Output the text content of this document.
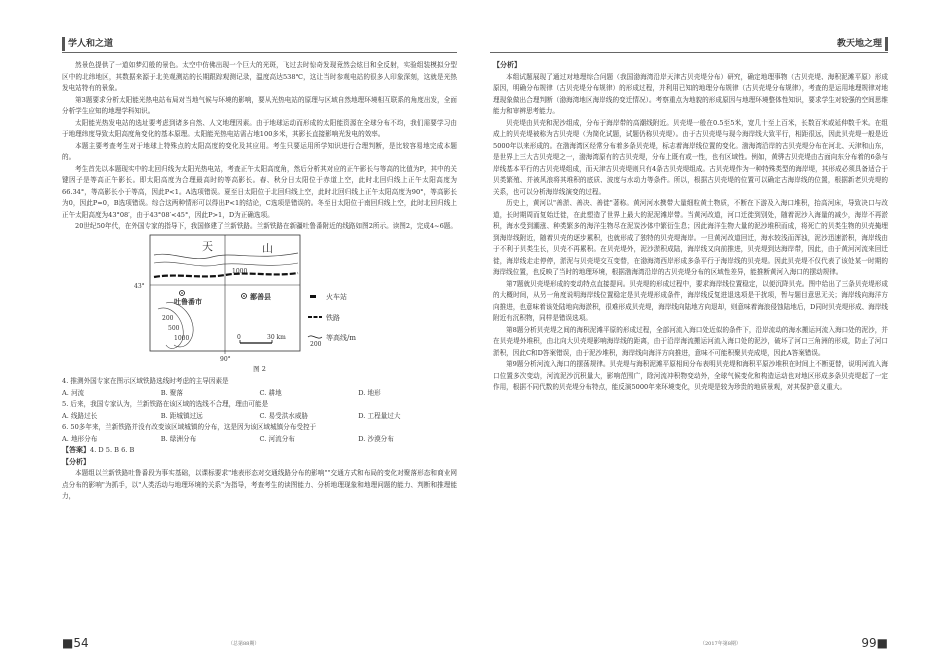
学人和之道	教天地之理

然景色提供了一道如梦幻般的景色。太空中仿佛出现一个巨大的光斑，飞过去时惊奇发现竟然会炫目和全反射，实验组装模拟分型区中的北纬地区，其数据来源于北美观测站的长期跟踪观测记录，温度高达538℃，这让当时参观电站的很多人印象深刻，这就是光热发电站特有的景象。

第3题要求分析太阳能光热电站布局对当地气候与环境的影响，要从光热电站的原理与区域自然地理环境相互联系的角度出发，全面分析学生应知的地理学科知识。

太阳能光热发电站的选址要考虑到诸多自然、人文地理因素。由于地球运动而形成的太阳能资源在全球分布不均，我们需要学习由于地理纬度导致太阳高度角变化的基本原理。太阳能光热电站需占地100多米，其影长直接影响光发电的效率。

本题主要考查考生对于地球上特殊点的太阳高度的变化及其应用。考生只要运用所学知识进行合理判断，是比较容易地完成本题的。

考生首先以本题现实中的北回归线为太阳光热电站，考查正午太阳高度角，然后分析其对应的正午影长与等高的比值为P，其中的关键因子是等高正午影长。即太阳高度为合理最高时的等高影长。春、秋分日太阳位于赤道上空，此时北回归线上正午太阳高度为66.34°，等高影长小于等高，因此P<1。A选项错误。夏至日太阳位于北回归线上空，此时北回归线上正午太阳高度为90°，等高影长为0，因此P=0，B选项错误。综合这两种情形可以得出P<1的结论，C选项是错误的。冬至日太阳位于南回归线上空，此时北回归线上正午太阳高度为43°08′，由于43°08′<45°，因此P>1，D为正确选项。

20世纪50年代，在外国专家的指导下，我国修建了兰新铁路。兰新铁路在新疆吐鲁番附近的线路如图2所示。读图2，完成4~6题。

天	山
1000
43°
吐鲁番市
鄯善县
200
500
1000	0	30 km
90°
火车站
铁路
200
等高线/m
图 2

4. 推测外国专家在图示区域铁路选线时考虑的主导因素是

A. 河流	B. 聚落	C. 耕地	D. 地形

5. 后来，我国专家认为，兰新铁路在该区域的选线不合理，理由可能是

A. 线路过长	B. 距城镇过远	C. 易受洪水威胁	D. 工程量过大

6. 50多年来，兰新铁路并没有改变该区域城镇的分布，这是因为该区域城镇分布受控于

A. 地形分布	B. 绿洲分布	C. 河流分布	D. 沙漠分布

【答案】4. D 5. B 6. B

【分析】

本题组以兰新铁路吐鲁番段为事实基础，以课标要求"地表形态对交通线路分布的影响""交通方式和布局的变化对聚落形态和商业网点分布的影响"为抓手，以"人类活动与地理环境的关系"为指导，考查考生的读图能力、分析地理现象和地理问题的能力、判断和推理能力，

【分析】

本组试题展现了通过对地理综合问题（我国渤海湾沿岸天津古贝壳堤分布）研究，确定地理事物（古贝壳堤、海积泥滩平原）形成原因，明确分布规律（古贝壳堤分布规律）的形成过程，并利用已知的地理分布规律（古贝壳堤分布规律），考查的是运用地理规律对地理现象做出合理判断（渤海湾地区海岸线的变迁情况）。考察重点为地貌的形成原因与地理环境整体性知识，要求学生对较强的空间思维能力和审辨思考能力。

贝壳堤由贝壳和泥沙组成，分布于海岸带的高潮线附近。贝壳堤一般在0.5至5米，宽几十至上百米，长数百米或延伸数千米。在组成上的贝壳堤被称为古贝壳堤（为简化试题，试题仍称贝壳堤）。由于古贝壳堤与现今海岸线大致平行，相距很远，因此贝壳堤一般是近5000年以来形成的。在渤海湾区经常分布着多条贝壳堤，标志着海岸线位置的变化。渤海湾沿岸的古贝壳堤分布在河北、天津和山东，是世界上三大古贝壳堤之一，渤海湾原有的古贝壳堤，分布上既有或一性，也有区域性。例如，黄骅古贝壳堤由古面向东分布着的6条与岸线基本平行的古贝壳堤组成，而天津古贝壳堤则只有4条古贝壳堤组成。古贝壳堤作为一种特殊类型的海岸堤，其形成必须具备适合于贝类繁殖、并被风浪将其堆积的底质、波度与水动力等条件。所以，根据古贝壳堤的位置可以确定古海岸线的位置，根据新老贝壳堤的关系，也可以分析海岸线演变的过程。

历史上，黄河以"善淤、善决、善徙"著称。黄河河水携带大量细粒黄土物质，不断在下游及入海口堆积，抬高河床，导致决口与改道，长时期周而复始迁徙，在此塑造了世界上最大的泥泥滩岸带。当黄河改道，河口迁徙到别处，随着泥沙入海量的减少，海岸不再淤积，海水受到潮涨、种类繁多的海洋生物尽在泥炭沙体中繁衍生息；因此海洋生物大量的泥沙堆积而成，将死亡的贝类生物的贝壳掩埋到海岸线附近，随着贝壳的逐步累积，也就形成了独特的贝壳堤海岸。一旦黄河改道回迁，海水较浅而浑浊，泥沙迅速淤积，海岸线由于不利于贝类生长，贝壳不再累积。在贝壳堤外，泥沙淤积成陆，海岸线又向前推进，贝壳堤到达海岸带，因此，由于黄河河流来回迁徙，海岸线走走停停，淤泥与贝壳堤交互变替，在渤海湾西岸形成多条平行于海岸线的贝壳堤。因此贝壳堤不仅代表了该处某一时期的海岸线位置，也反映了当时的地理环境，根据渤海湾沿岸的古贝壳堤分布的区域性差异，能推断黄河入海口的摆动规律。

第7题就贝壳堤形成的变动特点直接提问。贝壳堤的形成过程中，要求海岸线位置稳定，以便沉降贝壳。图中给出了三条贝壳堤形成的大概时间，从另一角度说明海岸线位置稳定是贝壳堤形成条件，海岸线反复进退选项是干扰项，暂与题目意思无关；海岸线向海洋方向推进，也意味着该处陆地向海淤积，很难形成贝壳堤，海岸线向陆地方向退却，则意味着海浪侵蚀陆地后，D同时贝壳堤形成、海岸线附近有沉积物，同样是错误选项。

第8题分析贝壳堤之间的海积泥滩平原的形成过程，全部河流入海口处近似的条件下，沿岸流动的海水搬运河流入海口处的泥沙，并在贝壳堤外堆积，由北向大贝壳堤影响海岸线的距离，由于沿岸海流搬运河流入海口处的泥沙，破坏了河口三角洲的形成，防止了河口淤积，因此C和D答案错误，由于泥沙堆积，海岸线向海洋方向推进，意味不可能积聚贝壳成堤，因此A答案错误。

第9题分析河流入海口的摆荡规律。贝壳堤与海积泥滩平原相间分布表明贝壳堤和海积平原沙堆积在时间上不断更替，说明河流入海口位置多次变动，河流泥沙沉积量大，影响范围广，除河流冲积物变动外，全球气候变化和构造运动也对地区形成多条贝壳堤起了一定作用，根据不同代数的贝壳堤分布特点，能反演5000年来环境变化，贝壳堤是较为珍贵的地质景观，对其保护意义重大。

■54	（总第88期）	（2017年第8期）	99■
